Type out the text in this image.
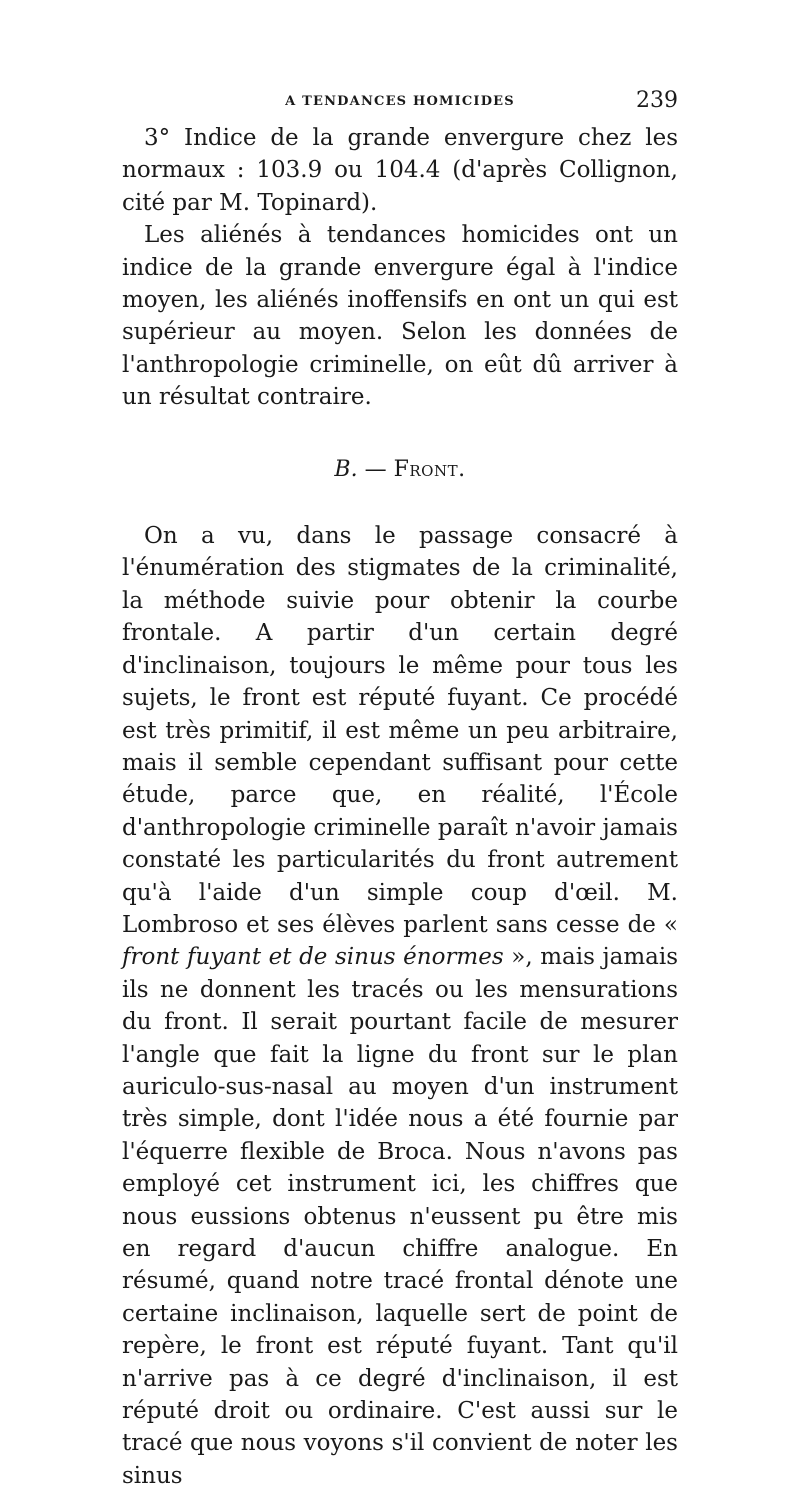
A TENDANCES HOMICIDES	239

3° Indice de la grande envergure chez les normaux : 103.9 ou 104.4 (d'après Collignon, cité par M. Topinard).

Les aliénés à tendances homicides ont un indice de la grande envergure égal à l'indice moyen, les aliénés inoffensifs en ont un qui est supérieur au moyen. Selon les données de l'anthropologie criminelle, on eût dû arriver à un résultat contraire.

B. — Front.

On a vu, dans le passage consacré à l'énumération des stigmates de la criminalité, la méthode suivie pour obtenir la courbe frontale. A partir d'un certain degré d'inclinaison, toujours le même pour tous les sujets, le front est réputé fuyant. Ce procédé est très primitif, il est même un peu arbitraire, mais il semble cependant suffisant pour cette étude, parce que, en réalité, l'École d'anthropologie criminelle paraît n'avoir jamais constaté les particularités du front autrement qu'à l'aide d'un simple coup d'œil. M. Lombroso et ses élèves parlent sans cesse de « front fuyant et de sinus énormes », mais jamais ils ne donnent les tracés ou les mensurations du front. Il serait pourtant facile de mesurer l'angle que fait la ligne du front sur le plan auriculo-sus-nasal au moyen d'un instrument très simple, dont l'idée nous a été fournie par l'équerre flexible de Broca. Nous n'avons pas employé cet instrument ici, les chiffres que nous eussions obtenus n'eussent pu être mis en regard d'aucun chiffre analogue. En résumé, quand notre tracé frontal dénote une certaine inclinaison, laquelle sert de point de repère, le front est réputé fuyant. Tant qu'il n'arrive pas à ce degré d'inclinaison, il est réputé droit ou ordinaire. C'est aussi sur le tracé que nous voyons s'il convient de noter les sinus
